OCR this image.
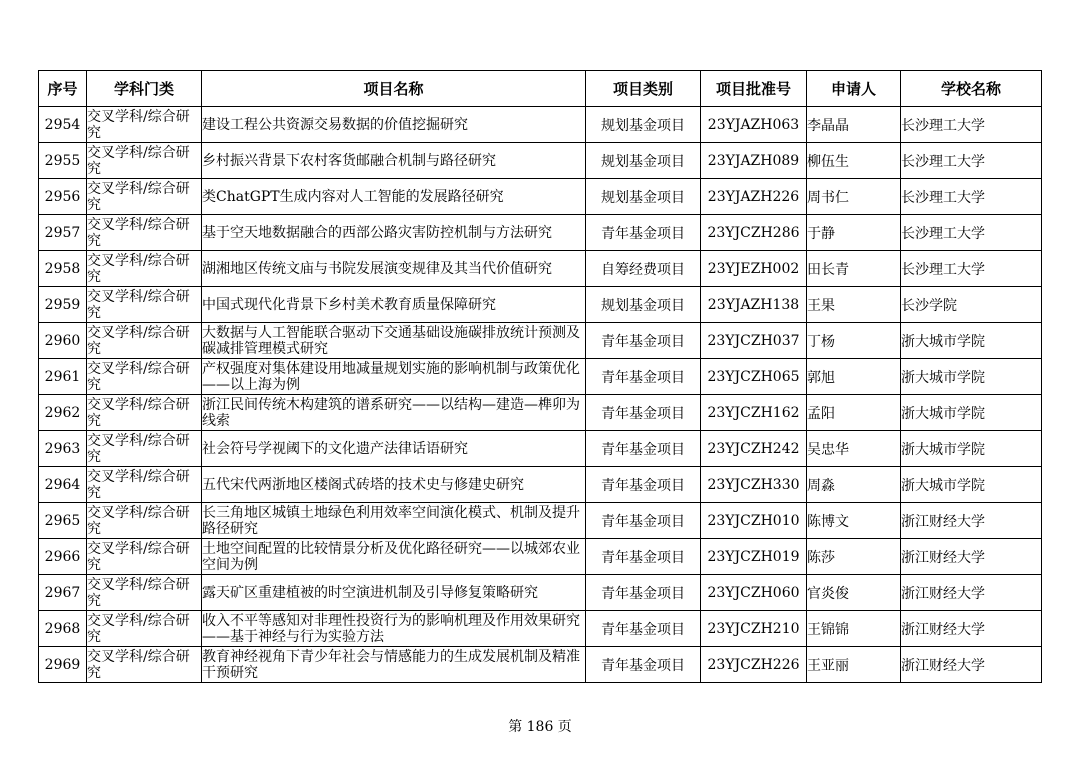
序号	学科门类	项目名称	项目类别	项目批准号	申请人	学校名称
2954	交叉学科/综合研究	建设工程公共资源交易数据的价值挖掘研究	规划基金项目	23YJAZH063	李晶晶	长沙理工大学
2955	交叉学科/综合研究	乡村振兴背景下农村客货邮融合机制与路径研究	规划基金项目	23YJAZH089	柳伍生	长沙理工大学
2956	交叉学科/综合研究	类ChatGPT生成内容对人工智能的发展路径研究	规划基金项目	23YJAZH226	周书仁	长沙理工大学
2957	交叉学科/综合研究	基于空天地数据融合的西部公路灾害防控机制与方法研究	青年基金项目	23YJCZH286	于静	长沙理工大学
2958	交叉学科/综合研究	湖湘地区传统文庙与书院发展演变规律及其当代价值研究	自筹经费项目	23YJEZH002	田长青	长沙理工大学
2959	交叉学科/综合研究	中国式现代化背景下乡村美术教育质量保障研究	规划基金项目	23YJAZH138	王果	长沙学院
2960	交叉学科/综合研究	大数据与人工智能联合驱动下交通基础设施碳排放统计预测及碳减排管理模式研究	青年基金项目	23YJCZH037	丁杨	浙大城市学院
2961	交叉学科/综合研究	产权强度对集体建设用地减量规划实施的影响机制与政策优化——以上海为例	青年基金项目	23YJCZH065	郭旭	浙大城市学院
2962	交叉学科/综合研究	浙江民间传统木构建筑的谱系研究——以结构—建造—榫卯为线索	青年基金项目	23YJCZH162	孟阳	浙大城市学院
2963	交叉学科/综合研究	社会符号学视阈下的文化遗产法律话语研究	青年基金项目	23YJCZH242	吴忠华	浙大城市学院
2964	交叉学科/综合研究	五代宋代两浙地区楼阁式砖塔的技术史与修建史研究	青年基金项目	23YJCZH330	周淼	浙大城市学院
2965	交叉学科/综合研究	长三角地区城镇土地绿色利用效率空间演化模式、机制及提升路径研究	青年基金项目	23YJCZH010	陈博文	浙江财经大学
2966	交叉学科/综合研究	土地空间配置的比较情景分析及优化路径研究——以城郊农业空间为例	青年基金项目	23YJCZH019	陈莎	浙江财经大学
2967	交叉学科/综合研究	露天矿区重建植被的时空演进机制及引导修复策略研究	青年基金项目	23YJCZH060	官炎俊	浙江财经大学
2968	交叉学科/综合研究	收入不平等感知对非理性投资行为的影响机理及作用效果研究——基于神经与行为实验方法	青年基金项目	23YJCZH210	王锦锦	浙江财经大学
2969	交叉学科/综合研究	教育神经视角下青少年社会与情感能力的生成发展机制及精准干预研究	青年基金项目	23YJCZH226	王亚丽	浙江财经大学
第 186 页
